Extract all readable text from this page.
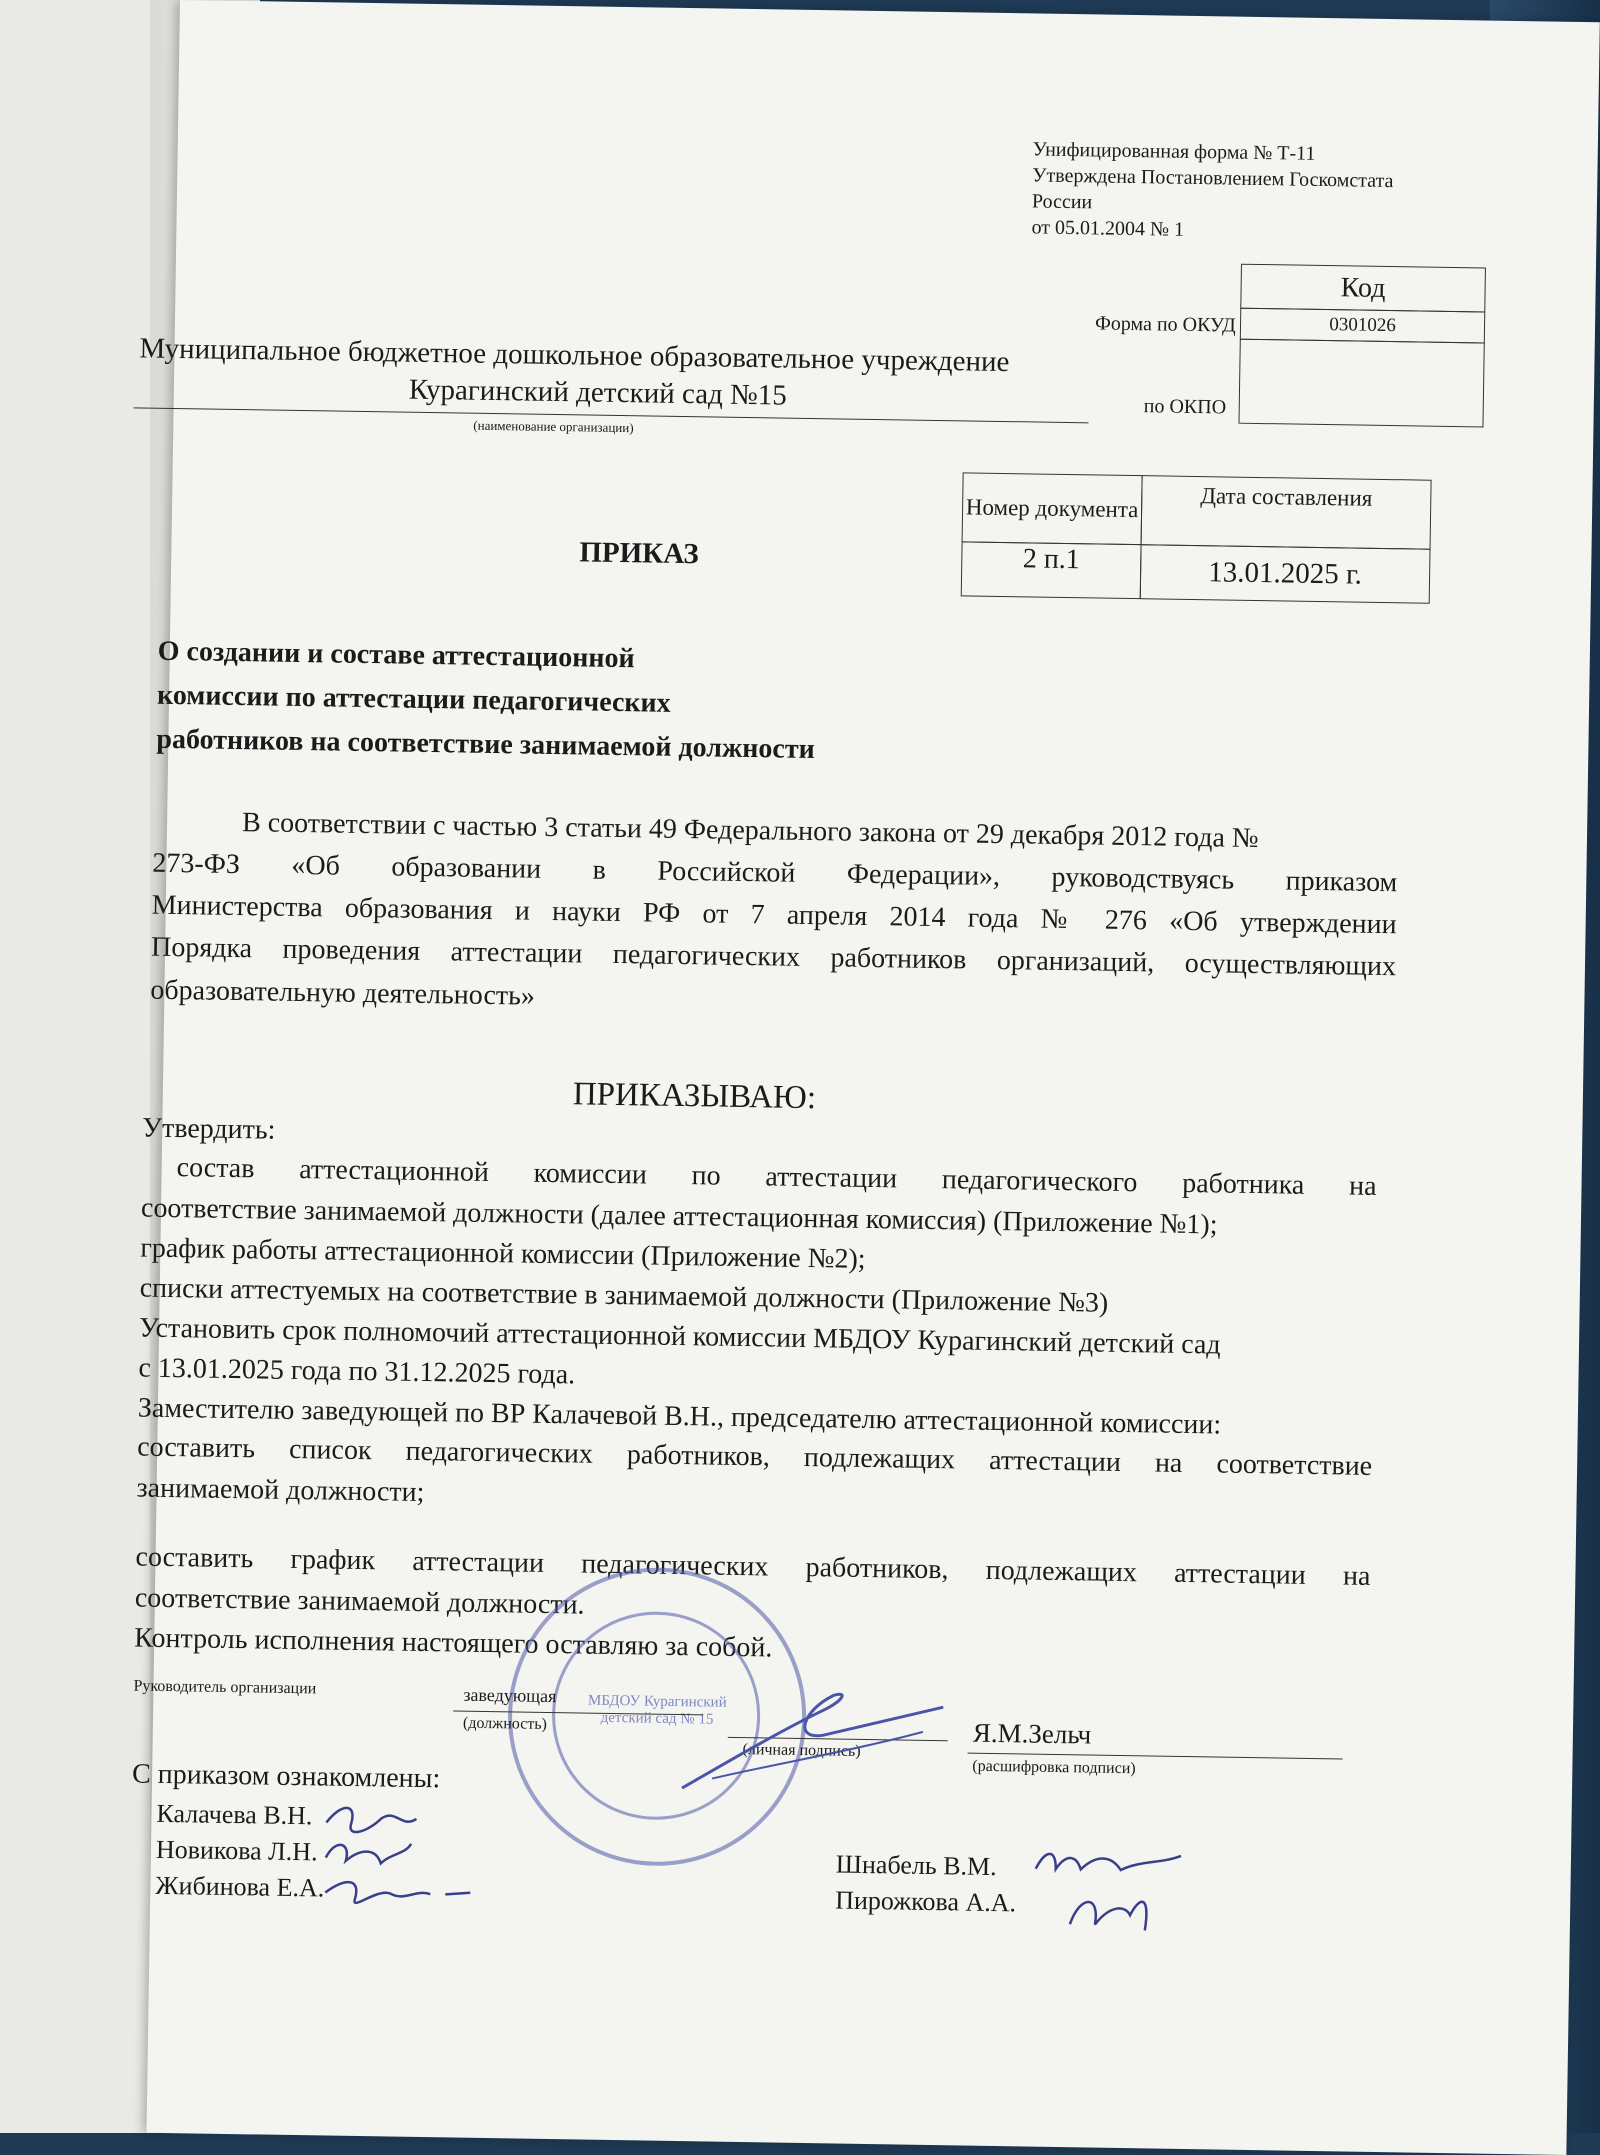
Унифицированная форма № Т-11
Утверждена Постановлением Госкомстата
России
от 05.01.2004 № 1
Код
0301026
Форма по ОКУД
по ОКПО
Муниципальное бюджетное дошкольное образовательное учреждение
Курагинский детский сад №15
(наименование организации)
Номер документа	Дата составления
2 п.1	13.01.2025 г.
ПРИКАЗ
О создании и составе аттестационной
комиссии по аттестации педагогических
работников на соответствие занимаемой должности
В соответствии с частью 3 статьи 49 Федерального закона от 29 декабря 2012 года №
273-ФЗ «Об образовании в Российской Федерации», руководствуясь приказом
Министерства образования и науки РФ от 7 апреля 2014 года № 276 «Об утверждении
Порядка проведения аттестации педагогических работников организаций, осуществляющих
образовательную деятельность»
ПРИКАЗЫВАЮ:
Утвердить:
состав аттестационной комиссии по аттестации педагогического работника на
соответствие занимаемой должности (далее аттестационная комиссия) (Приложение №1);
график работы аттестационной комиссии (Приложение №2);
списки аттестуемых на соответствие в занимаемой должности (Приложение №3)
Установить срок полномочий аттестационной комиссии МБДОУ Курагинский детский сад
с 13.01.2025 года по 31.12.2025 года.
Заместителю заведующей по ВР Калачевой В.Н., председателю аттестационной комиссии:
составить список педагогических работников, подлежащих аттестации на соответствие
занимаемой должности;
составить график аттестации педагогических работников, подлежащих аттестации на
соответствие занимаемой должности.
Контроль исполнения настоящего оставляю за собой.
МБДОУ Курагинский детский сад № 15
Руководитель организации	заведующая
(должность)
(личная подпись)
Я.М.Зельч
(расшифровка подписи)
С приказом ознакомлены:
Калачева В.Н.
Новикова Л.Н.
Жибинова Е.А.
Шнабель В.М.
Пирожкова А.А.
